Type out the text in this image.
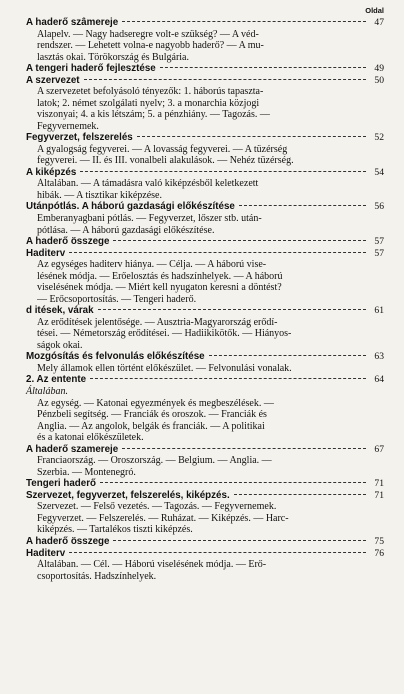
Oldal
A haderő szâmereje	47
Alapelv. — Nagy hadseregre volt-e szükség? — A véd-
rendszer. — Lehetett volna-e nagyobb haderő? — A mu-
lasztás okai. Törökország és Bulgária.
A tengeri haderő fejlesztése	49
A szervezet	50
A szervezetet befolyásoló tényezők: 1. háborús tapaszta-
latok; 2. német szolgálati nyelv; 3. a monarchia közjogi
viszonyai; 4. a kis létszám; 5. a pénzhiány. — Tagozás. —
Fegyvernemek.
Fegyverzet, felszerelés	52
A gyalogság fegyverei. — A lovasság fegyverei. — A tüzérség
fegyverei. — II. és III. vonalbeli alakulások. — Nehéz tüzérség.
A kiképzés	54
Általában. — A támadásra való kiképzésből keletkezett
hibák. — A tisztikar kiképzése.
Utánpótlás. A háború gazdasági előkészítése	56
Emberanyagbani pótlás. — Fegyverzet, lőszer stb. után-
pótlása. — A háború gazdasági előkészítése.
A haderő összege	57
Haditerv	57
Az egységes haditerv hiánya. — Célja. — A háború vise-
lésének módja. — Erőelosztás és hadszínhelyek. — A háború
viselésének módja. — Miért kell nyugaton keresni a döntést?
— Erőcsoportosítás. — Tengeri haderő.
d itések, várak	61
Az erődítések jelentősége. — Ausztria-Magyarország erődí-
tései. — Németország erődítései. — Hadiikikötők. — Hiányos-
ságok okai.
Mozgósítás és felvonulás előkészítése	63
Mely államok ellen történt előkészület. — Felvonulási vonalak.
2. Az entente	64
Általában.
Az egység. — Katonai egyezmények és megbeszélések. —
Pénzbeli segítség. — Franciák és oroszok. — Franciák és
Anglia. — Az angolok, belgák és franciák. — A politikai
és a katonai előkészületek.
A haderő szamereje	67
Franciaország. — Oroszország. — Belgium. — Anglia. —
Szerbia. — Montenegró.
Tengeri haderő	71
Szervezet, fegyverzet, felszerelés, kiképzés.	71
Szervezet. — Felső vezetés. — Tagozás. — Fegyvernemek.
Fegyverzet. — Felszerelés. — Ruházat. — Kiképzés. — Harc-
kiképzés. — Tartalékos tiszti kiképzés.
A haderő összege	75
Haditerv	76
Általában. — Cél. — Háború viselésének módja. — Erő-
csoportosítás. Hadszínhelyek.
